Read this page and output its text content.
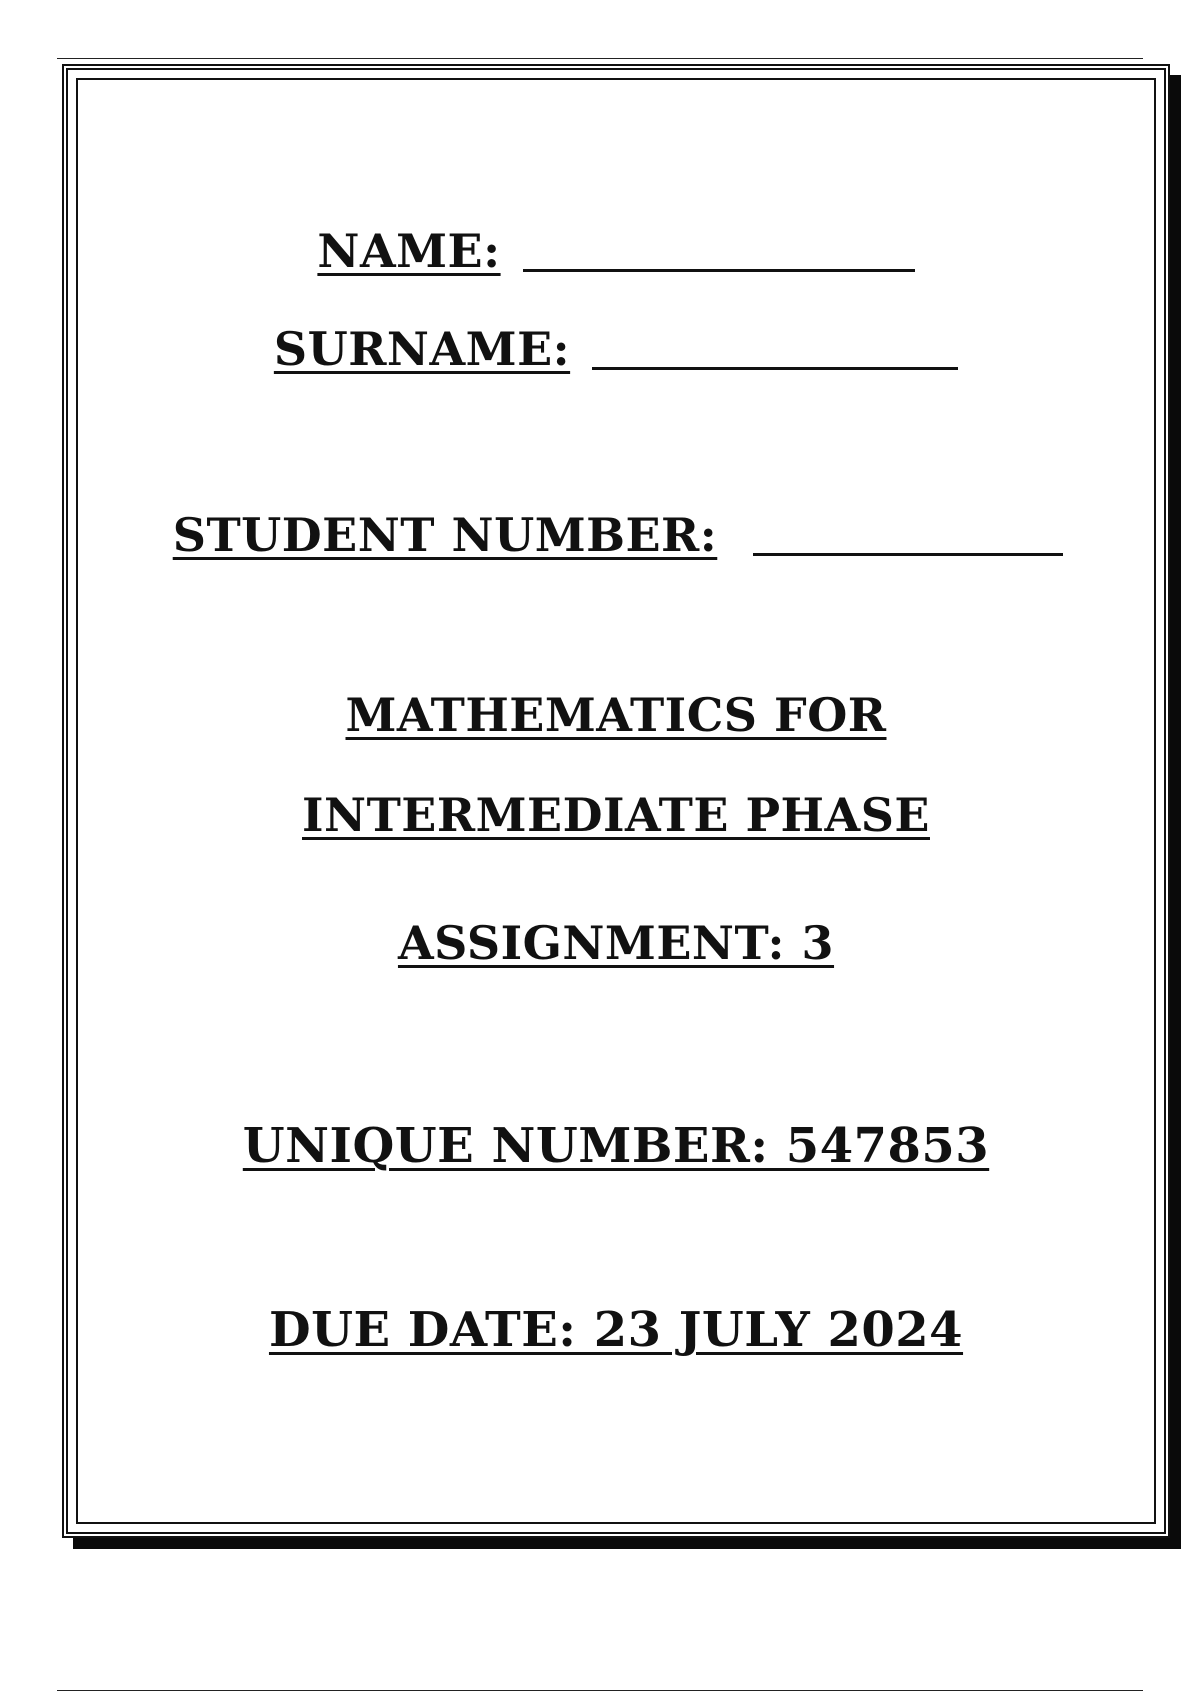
NAME:
SURNAME:
STUDENT NUMBER:
MATHEMATICS FOR
INTERMEDIATE PHASE
ASSIGNMENT: 3
UNIQUE NUMBER: 547853
DUE DATE: 23 JULY 2024
